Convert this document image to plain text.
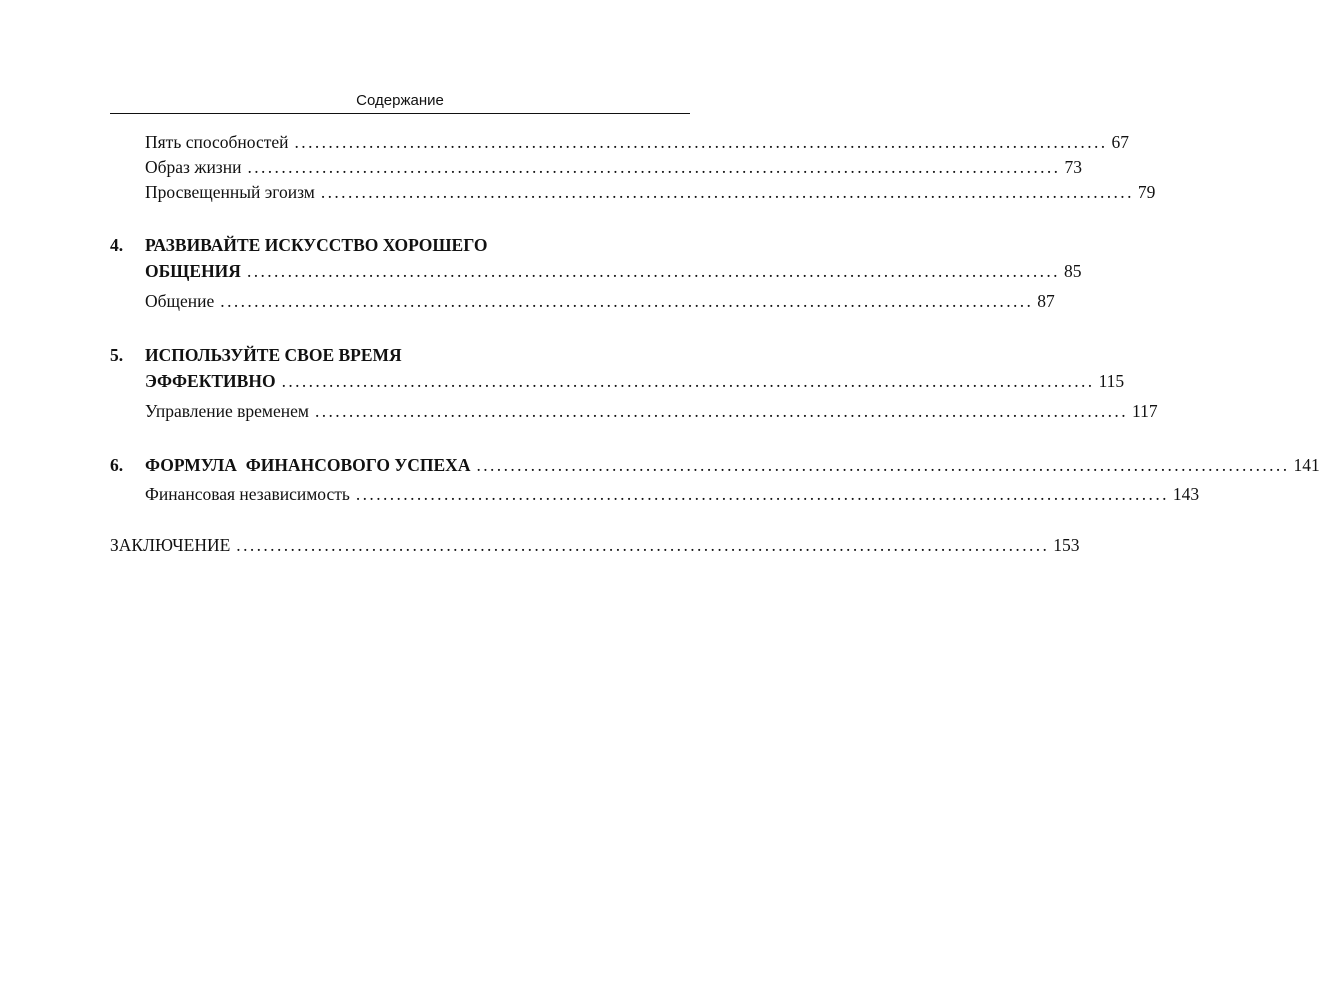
Содержание
Пять способностей ........................................................................................................................ 67
Образ жизни ........................................................................................................................ 73
Просвещенный эгоизм ........................................................................................................................ 79
4. РАЗВИВАЙТЕ ИСКУССТВО ХОРОШЕГО
ОБЩЕНИЯ ........................................................................................................................ 85
Общение ........................................................................................................................ 87
5. ИСПОЛЬЗУЙТЕ СВОЕ ВРЕМЯ
ЭФФЕКТИВНО ........................................................................................................................ 115
Управление временем ........................................................................................................................ 117
6. ФОРМУЛА  ФИНАНСОВОГО УСПЕХА ........................................................................................................................ 141
Финансовая независимость ........................................................................................................................ 143
ЗАКЛЮЧЕНИЕ ........................................................................................................................ 153
